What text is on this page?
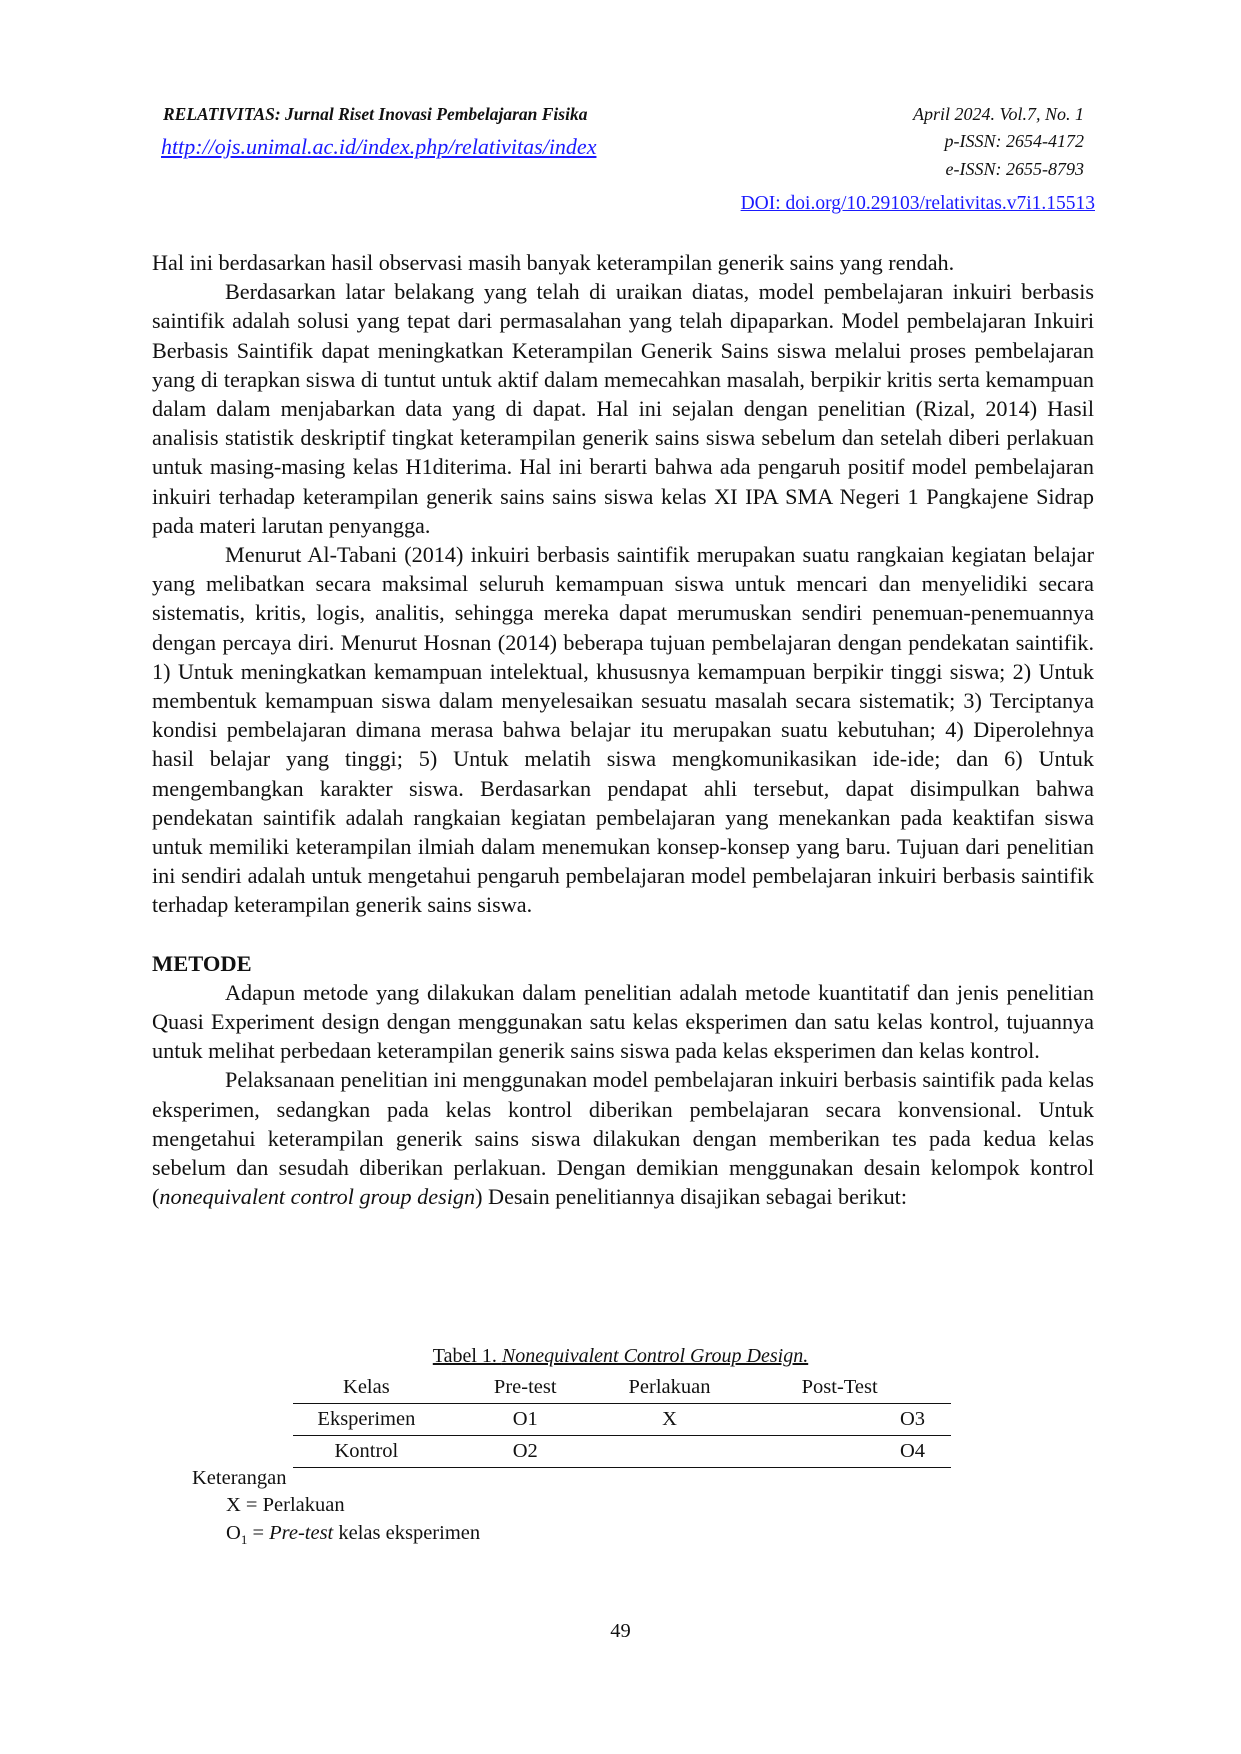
RELATIVITAS: Jurnal Riset Inovasi Pembelajaran Fisika
http://ojs.unimal.ac.id/index.php/relativitas/index
April 2024. Vol.7, No. 1
p-ISSN: 2654-4172
e-ISSN: 2655-8793
DOI: doi.org/10.29103/relativitas.v7i1.15513

Hal ini berdasarkan hasil observasi masih banyak keterampilan generik sains yang rendah.

Berdasarkan latar belakang yang telah di uraikan diatas, model pembelajaran inkuiri berbasis saintifik adalah solusi yang tepat dari permasalahan yang telah dipaparkan. Model pembelajaran Inkuiri Berbasis Saintifik dapat meningkatkan Keterampilan Generik Sains siswa melalui proses pembelajaran yang di terapkan siswa di tuntut untuk aktif dalam memecahkan masalah, berpikir kritis serta kemampuan dalam dalam menjabarkan data yang di dapat. Hal ini sejalan dengan penelitian (Rizal, 2014) Hasil analisis statistik deskriptif tingkat keterampilan generik sains siswa sebelum dan setelah diberi perlakuan untuk masing-masing kelas H1diterima. Hal ini berarti bahwa ada pengaruh positif model pembelajaran inkuiri terhadap keterampilan generik sains sains siswa kelas XI IPA SMA Negeri 1 Pangkajene Sidrap pada materi larutan penyangga.

Menurut Al-Tabani (2014) inkuiri berbasis saintifik merupakan suatu rangkaian kegiatan belajar yang melibatkan secara maksimal seluruh kemampuan siswa untuk mencari dan menyelidiki secara sistematis, kritis, logis, analitis, sehingga mereka dapat merumuskan sendiri penemuan-penemuannya dengan percaya diri. Menurut Hosnan (2014) beberapa tujuan pembelajaran dengan pendekatan saintifik. 1) Untuk meningkatkan kemampuan intelektual, khususnya kemampuan berpikir tinggi siswa; 2) Untuk membentuk kemampuan siswa dalam menyelesaikan sesuatu masalah secara sistematik; 3) Terciptanya kondisi pembelajaran dimana merasa bahwa belajar itu merupakan suatu kebutuhan; 4) Diperolehnya hasil belajar yang tinggi; 5) Untuk melatih siswa mengkomunikasikan ide-ide; dan 6) Untuk mengembangkan karakter siswa. Berdasarkan pendapat ahli tersebut, dapat disimpulkan bahwa pendekatan saintifik adalah rangkaian kegiatan pembelajaran yang menekankan pada keaktifan siswa untuk memiliki keterampilan ilmiah dalam menemukan konsep-konsep yang baru. Tujuan dari penelitian ini sendiri adalah untuk mengetahui pengaruh pembelajaran model pembelajaran inkuiri berbasis saintifik terhadap keterampilan generik sains siswa.

METODE

Adapun metode yang dilakukan dalam penelitian adalah metode kuantitatif dan jenis penelitian Quasi Experiment design dengan menggunakan satu kelas eksperimen dan satu kelas kontrol, tujuannya untuk melihat perbedaan keterampilan generik sains siswa pada kelas eksperimen dan kelas kontrol.

Pelaksanaan penelitian ini menggunakan model pembelajaran inkuiri berbasis saintifik pada kelas eksperimen, sedangkan pada kelas kontrol diberikan pembelajaran secara konvensional. Untuk mengetahui keterampilan generik sains siswa dilakukan dengan memberikan tes pada kedua kelas sebelum dan sesudah diberikan perlakuan. Dengan demikian menggunakan desain kelompok kontrol (nonequivalent control group design) Desain penelitiannya disajikan sebagai berikut:

Tabel 1. Nonequivalent Control Group Design.
Kelas	Pre-test	Perlakuan	Post-Test
Eksperimen	O1	X	O3
Kontrol	O2		O4
Keterangan
X = Perlakuan
$O_1$ = Pre-test kelas eksperimen
49
